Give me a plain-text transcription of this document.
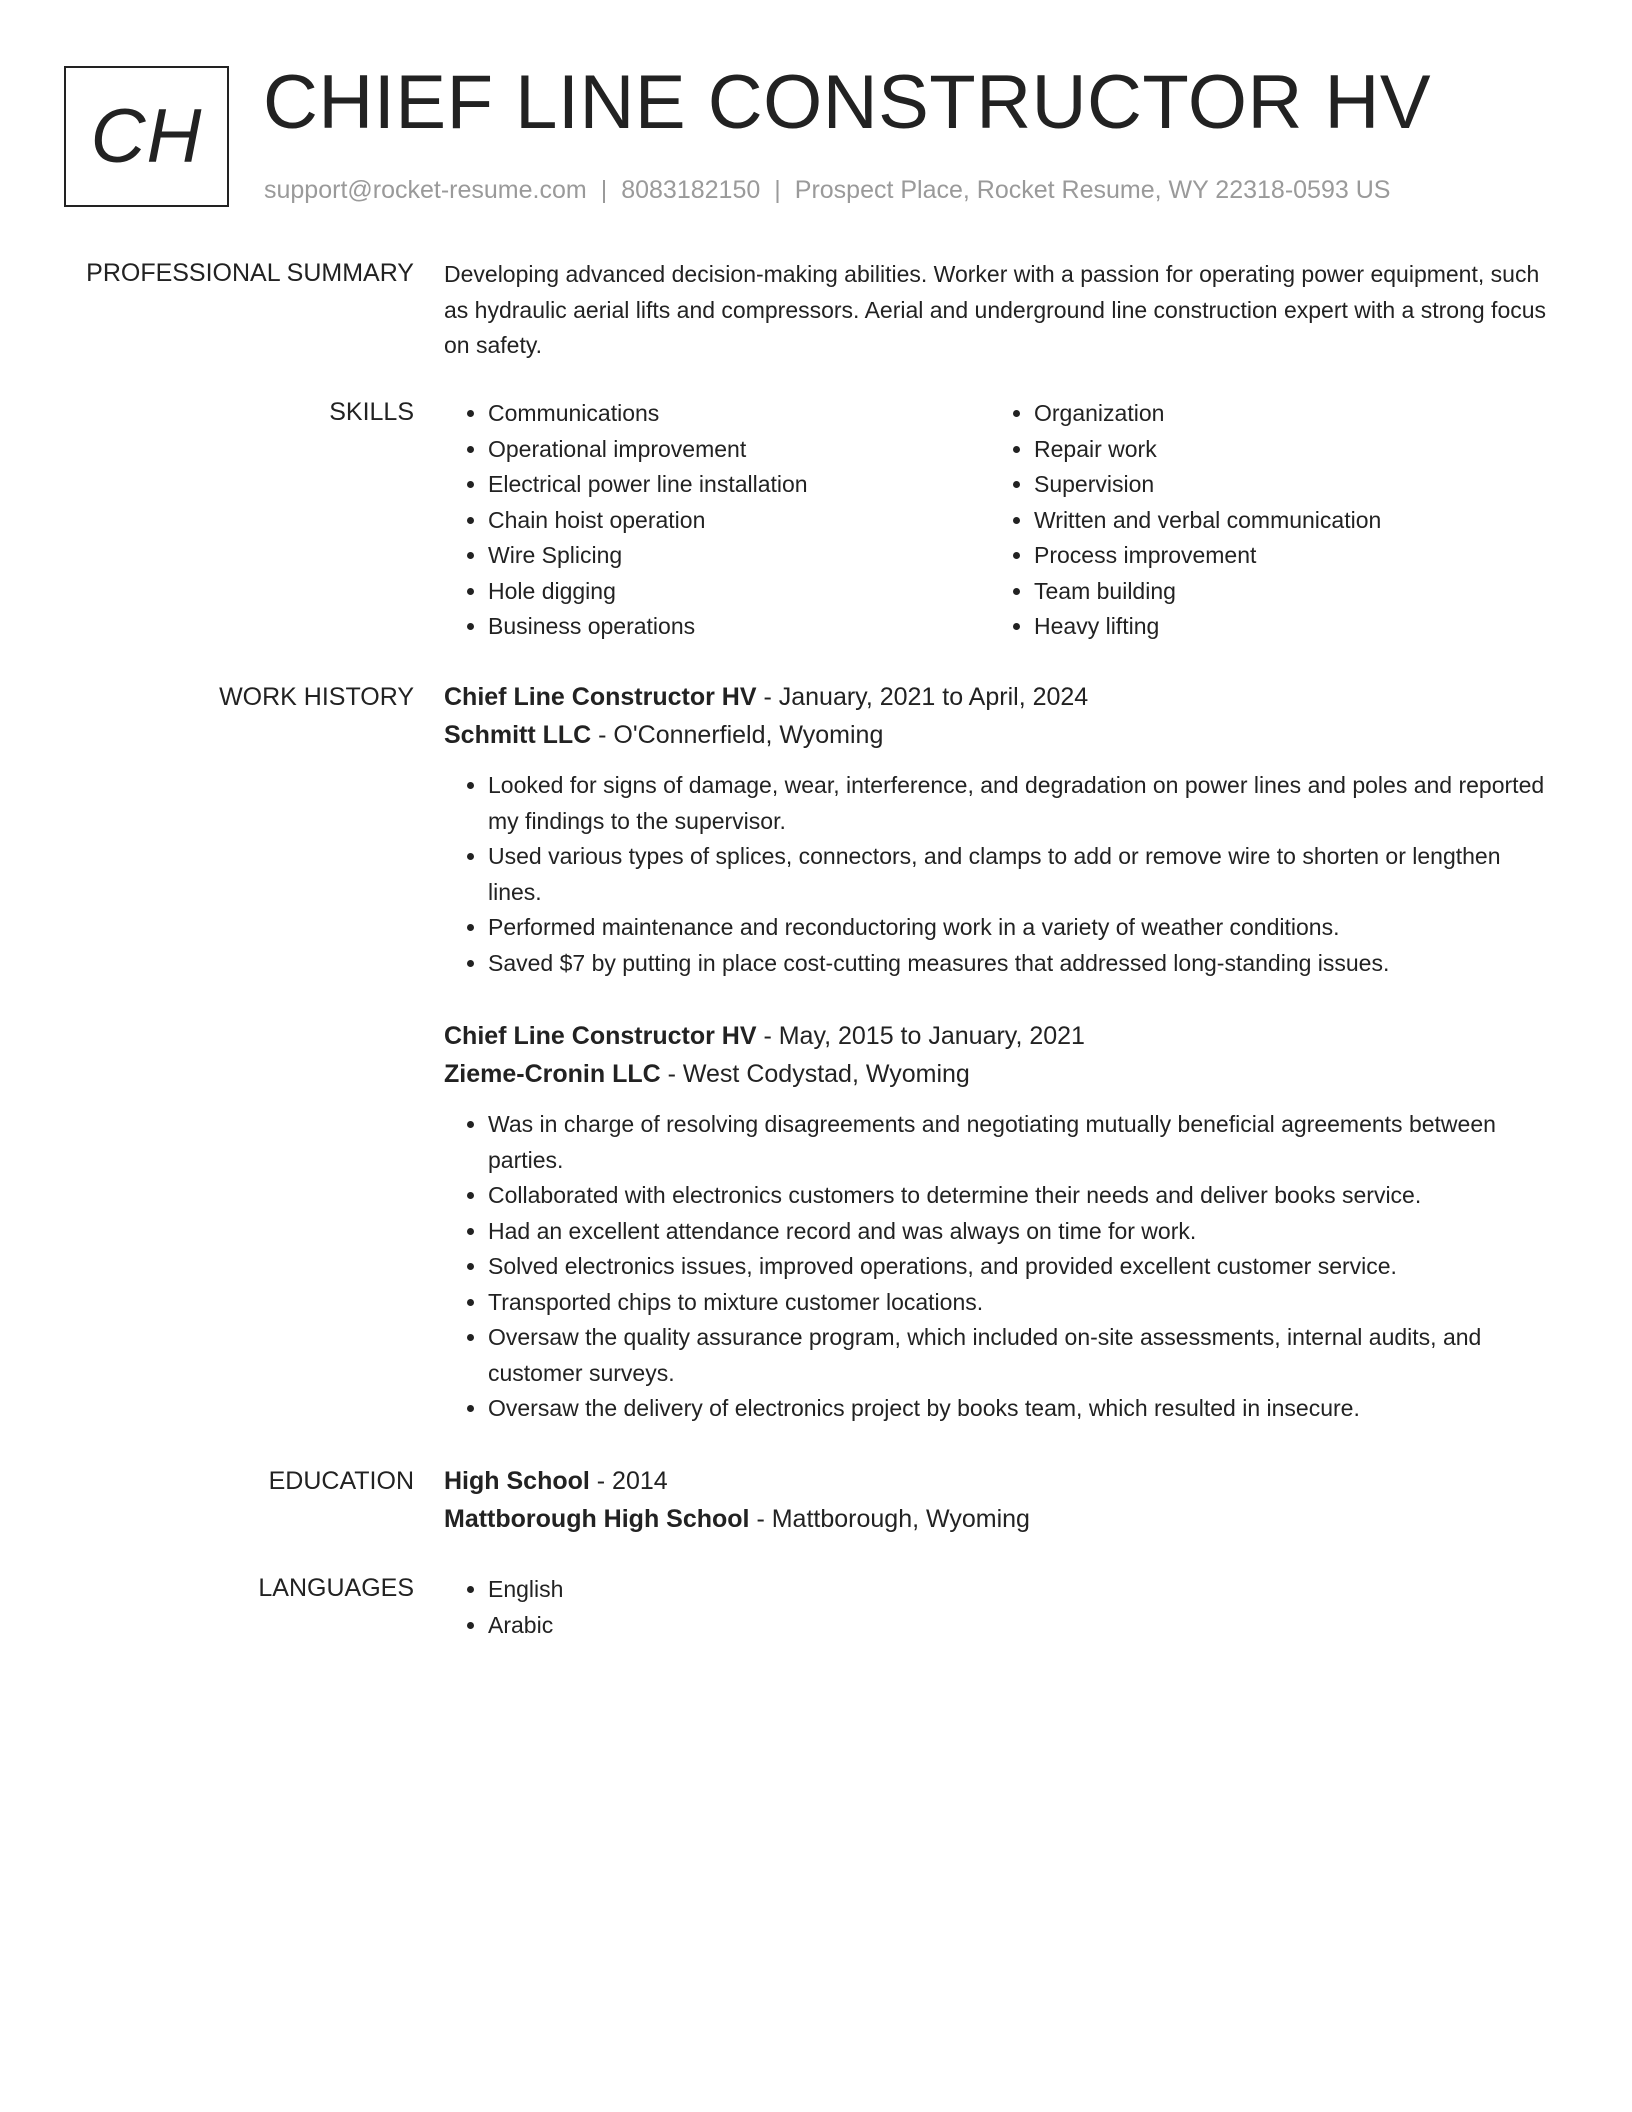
CH CHIEF LINE CONSTRUCTOR HV
support@rocket-resume.com | 8083182150 | Prospect Place, Rocket Resume, WY 22318-0593 US
PROFESSIONAL SUMMARY Developing advanced decision-making abilities. Worker with a passion for operating power equipment, such as hydraulic aerial lifts and compressors. Aerial and underground line construction expert with a strong focus on safety.
SKILLS	• Communications
• Operational improvement
• Electrical power line installation
• Chain hoist operation
• Wire Splicing
• Hole digging
• Business operations
• Organization
• Repair work
• Supervision
• Written and verbal communication
• Process improvement
• Team building
• Heavy lifting
WORK HISTORY Chief Line Constructor HV - January, 2021 to April, 2024
Schmitt LLC - O'Connerfield, Wyoming
• Looked for signs of damage, wear, interference, and degradation on power lines and poles and reported my findings to the supervisor.
• Used various types of splices, connectors, and clamps to add or remove wire to shorten or lengthen lines.
• Performed maintenance and reconductoring work in a variety of weather conditions.
• Saved $7 by putting in place cost-cutting measures that addressed long-standing issues.
Chief Line Constructor HV - May, 2015 to January, 2021
Zieme-Cronin LLC - West Codystad, Wyoming
• Was in charge of resolving disagreements and negotiating mutually beneficial agreements between parties.
• Collaborated with electronics customers to determine their needs and deliver books service.
• Had an excellent attendance record and was always on time for work.
• Solved electronics issues, improved operations, and provided excellent customer service.
• Transported chips to mixture customer locations.
• Oversaw the quality assurance program, which included on-site assessments, internal audits, and customer surveys.
• Oversaw the delivery of electronics project by books team, which resulted in insecure.
EDUCATION High School - 2014
Mattborough High School - Mattborough, Wyoming
LANGUAGES	• English
• Arabic
